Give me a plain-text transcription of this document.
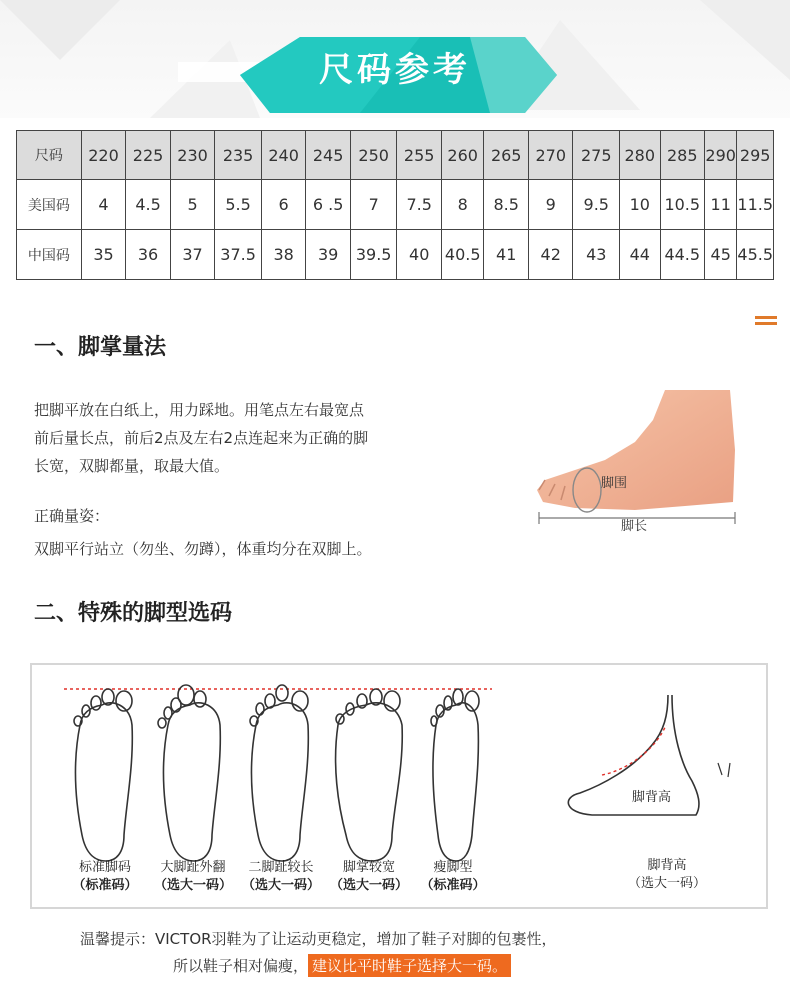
尺码参考
尺码	220	225	230	235	240	245	250	255	260	265	270	275	280	285	290	295
美国码	4	4.5	5	5.5	6	6 .5	7	7.5	8	8.5	9	9.5	10	10.5	11	11.5
中国码	35	36	37	37.5	38	39	39.5	40	40.5	41	42	43	44	44.5	45	45.5
一、脚掌量法
把脚平放在白纸上，用力踩地。用笔点左右最宽点
前后量长点，前后2点及左右2点连起来为正确的脚
长宽，双脚都量，取最大值。
正确量姿：
双脚平行站立（勿坐、勿蹲），体重均分在双脚上。
脚围
脚长
二、特殊的脚型选码
脚背高
标准脚码
（标准码）
大脚趾外翻
（选大一码）
二脚趾较长
（选大一码）
脚掌较宽
（选大一码）
瘦脚型
（标准码）
脚背高
（选大一码）
温馨提示：VICTOR羽鞋为了让运动更稳定，增加了鞋子对脚的包裹性，
所以鞋子相对偏瘦， 建议比平时鞋子选择大一码。
